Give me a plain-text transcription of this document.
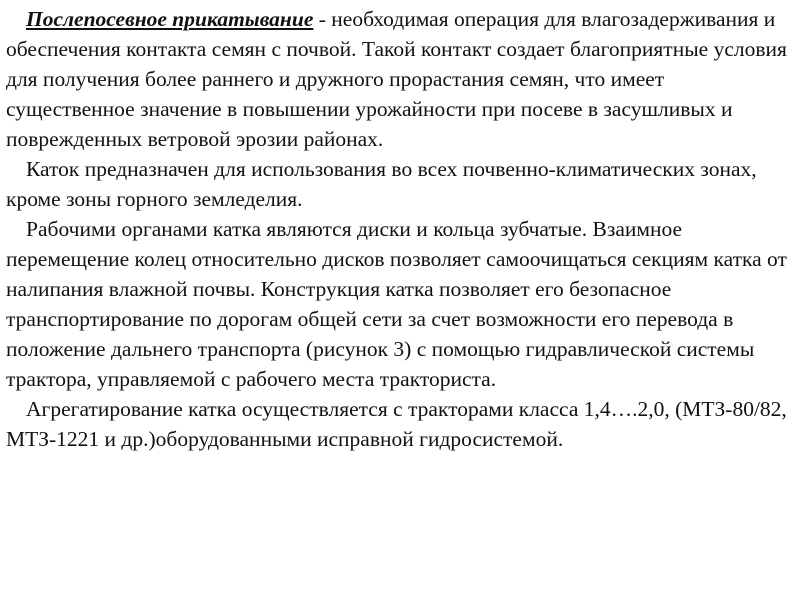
Послепосевное прикатывание - необходимая операция для влагозадерживания и обеспечения контакта семян с почвой. Такой контакт создает благоприятные условия для получения более раннего и дружного прорастания семян, что имеет существенное значение в повышении урожайности при посеве в засушливых и поврежденных ветровой эрозии районах.

Каток предназначен для использования во всех почвенно-климатических зонах, кроме зоны горного земледелия.

Рабочими органами катка являются диски и кольца зубчатые. Взаимное перемещение колец относительно дисков позволяет самоочищаться секциям катка от налипания влажной почвы. Конструкция катка позволяет его безопасное транспортирование по дорогам общей сети за счет возможности его перевода в положение дальнего транспорта (рисунок 3) с помощью гидравлической системы трактора, управляемой с рабочего места тракториста.

Агрегатирование катка осуществляется с тракторами класса 1,4….2,0, (МТЗ-80/82, МТЗ-1221 и др.)оборудованными исправной гидросистемой.
